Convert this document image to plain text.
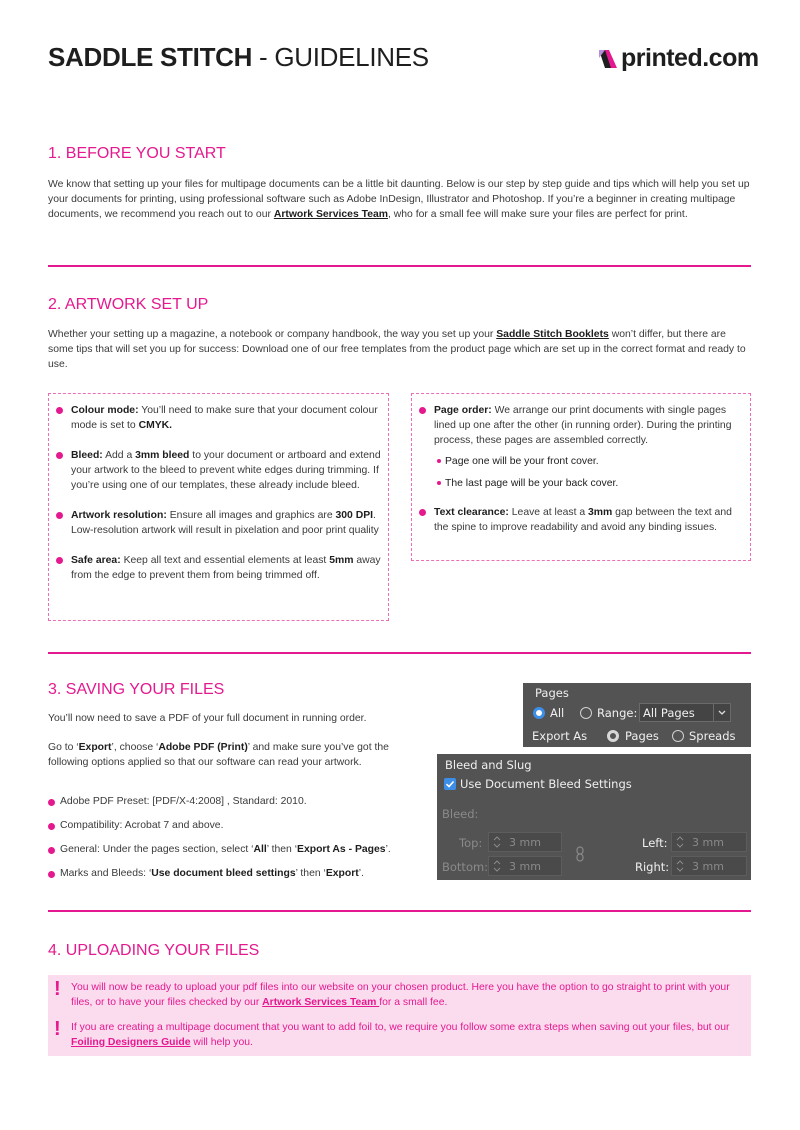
SADDLE STITCH - GUIDELINES	printed.com
1. BEFORE YOU START
We know that setting up your files for multipage documents can be a little bit daunting. Below is our step by step guide and tips which will help you set up your documents for printing, using professional software such as Adobe InDesign, Illustrator and Photoshop. If you’re a beginner in creating multipage documents, we recommend you reach out to our Artwork Services Team, who for a small fee will make sure your files are perfect for print.
2. ARTWORK SET UP
Whether your setting up a magazine, a notebook or company handbook, the way you set up your Saddle Stitch Booklets won’t differ, but there are some tips that will set you up for success: Download one of our free templates from the product page which are set up in the correct format and ready to use.
Colour mode: You’ll need to make sure that your document colour mode is set to CMYK.
Bleed: Add a 3mm bleed to your document or artboard and extend your artwork to the bleed to prevent white edges during trimming. If you’re using one of our templates, these already include bleed.
Artwork resolution: Ensure all images and graphics are 300 DPI. Low-resolution artwork will result in pixelation and poor print quality
Safe area: Keep all text and essential elements at least 5mm away from the edge to prevent them from being trimmed off.
Page order: We arrange our print documents with single pages lined up one after the other (in running order). During the printing process, these pages are assembled correctly.
Page one will be your front cover.
The last page will be your back cover.
Text clearance: Leave at least a 3mm gap between the text and the spine to improve readability and avoid any binding issues.
3. SAVING YOUR FILES
You’ll now need to save a PDF of your full document in running order.
Go to ‘Export’, choose ‘Adobe PDF (Print)’ and make sure you’ve got the following options applied so that our software can read your artwork.
Adobe PDF Preset: [PDF/X-4:2008] , Standard: 2010.
Compatibility: Acrobat 7 and above.
General: Under the pages section, select ‘All’ then ‘Export As - Pages’.
Marks and Bleeds: ‘Use document bleed settings’ then ‘Export’.
Pages
All	Range: All Pages
Export As	Pages	Spreads
Bleed and Slug
Use Document Bleed Settings
Bleed:
Top: 3 mm
Bottom: 3 mm
Left: 3 mm
Right: 3 mm
4. UPLOADING YOUR FILES
! You will now be ready to upload your pdf files into our website on your chosen product. Here you have the option to go straight to print with your files, or to have your files checked by our Artwork Services Team for a small fee.
! If you are creating a multipage document that you want to add foil to, we require you follow some extra steps when saving out your files, but our Foiling Designers Guide will help you.
